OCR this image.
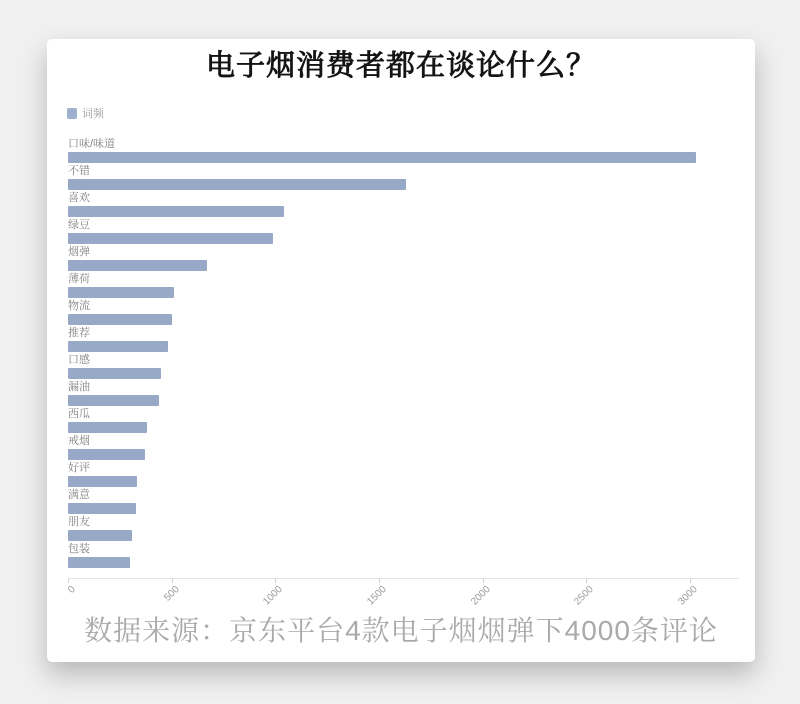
电子烟消费者都在谈论什么？
词频
口味/味道
不错
喜欢
绿豆
烟弹
薄荷
物流
推荐
口感
漏油
西瓜
戒烟
好评
满意
朋友
包装
0	500	1000	1500	2000	2500	3000
数据来源：京东平台4款电子烟烟弹下4000条评论
